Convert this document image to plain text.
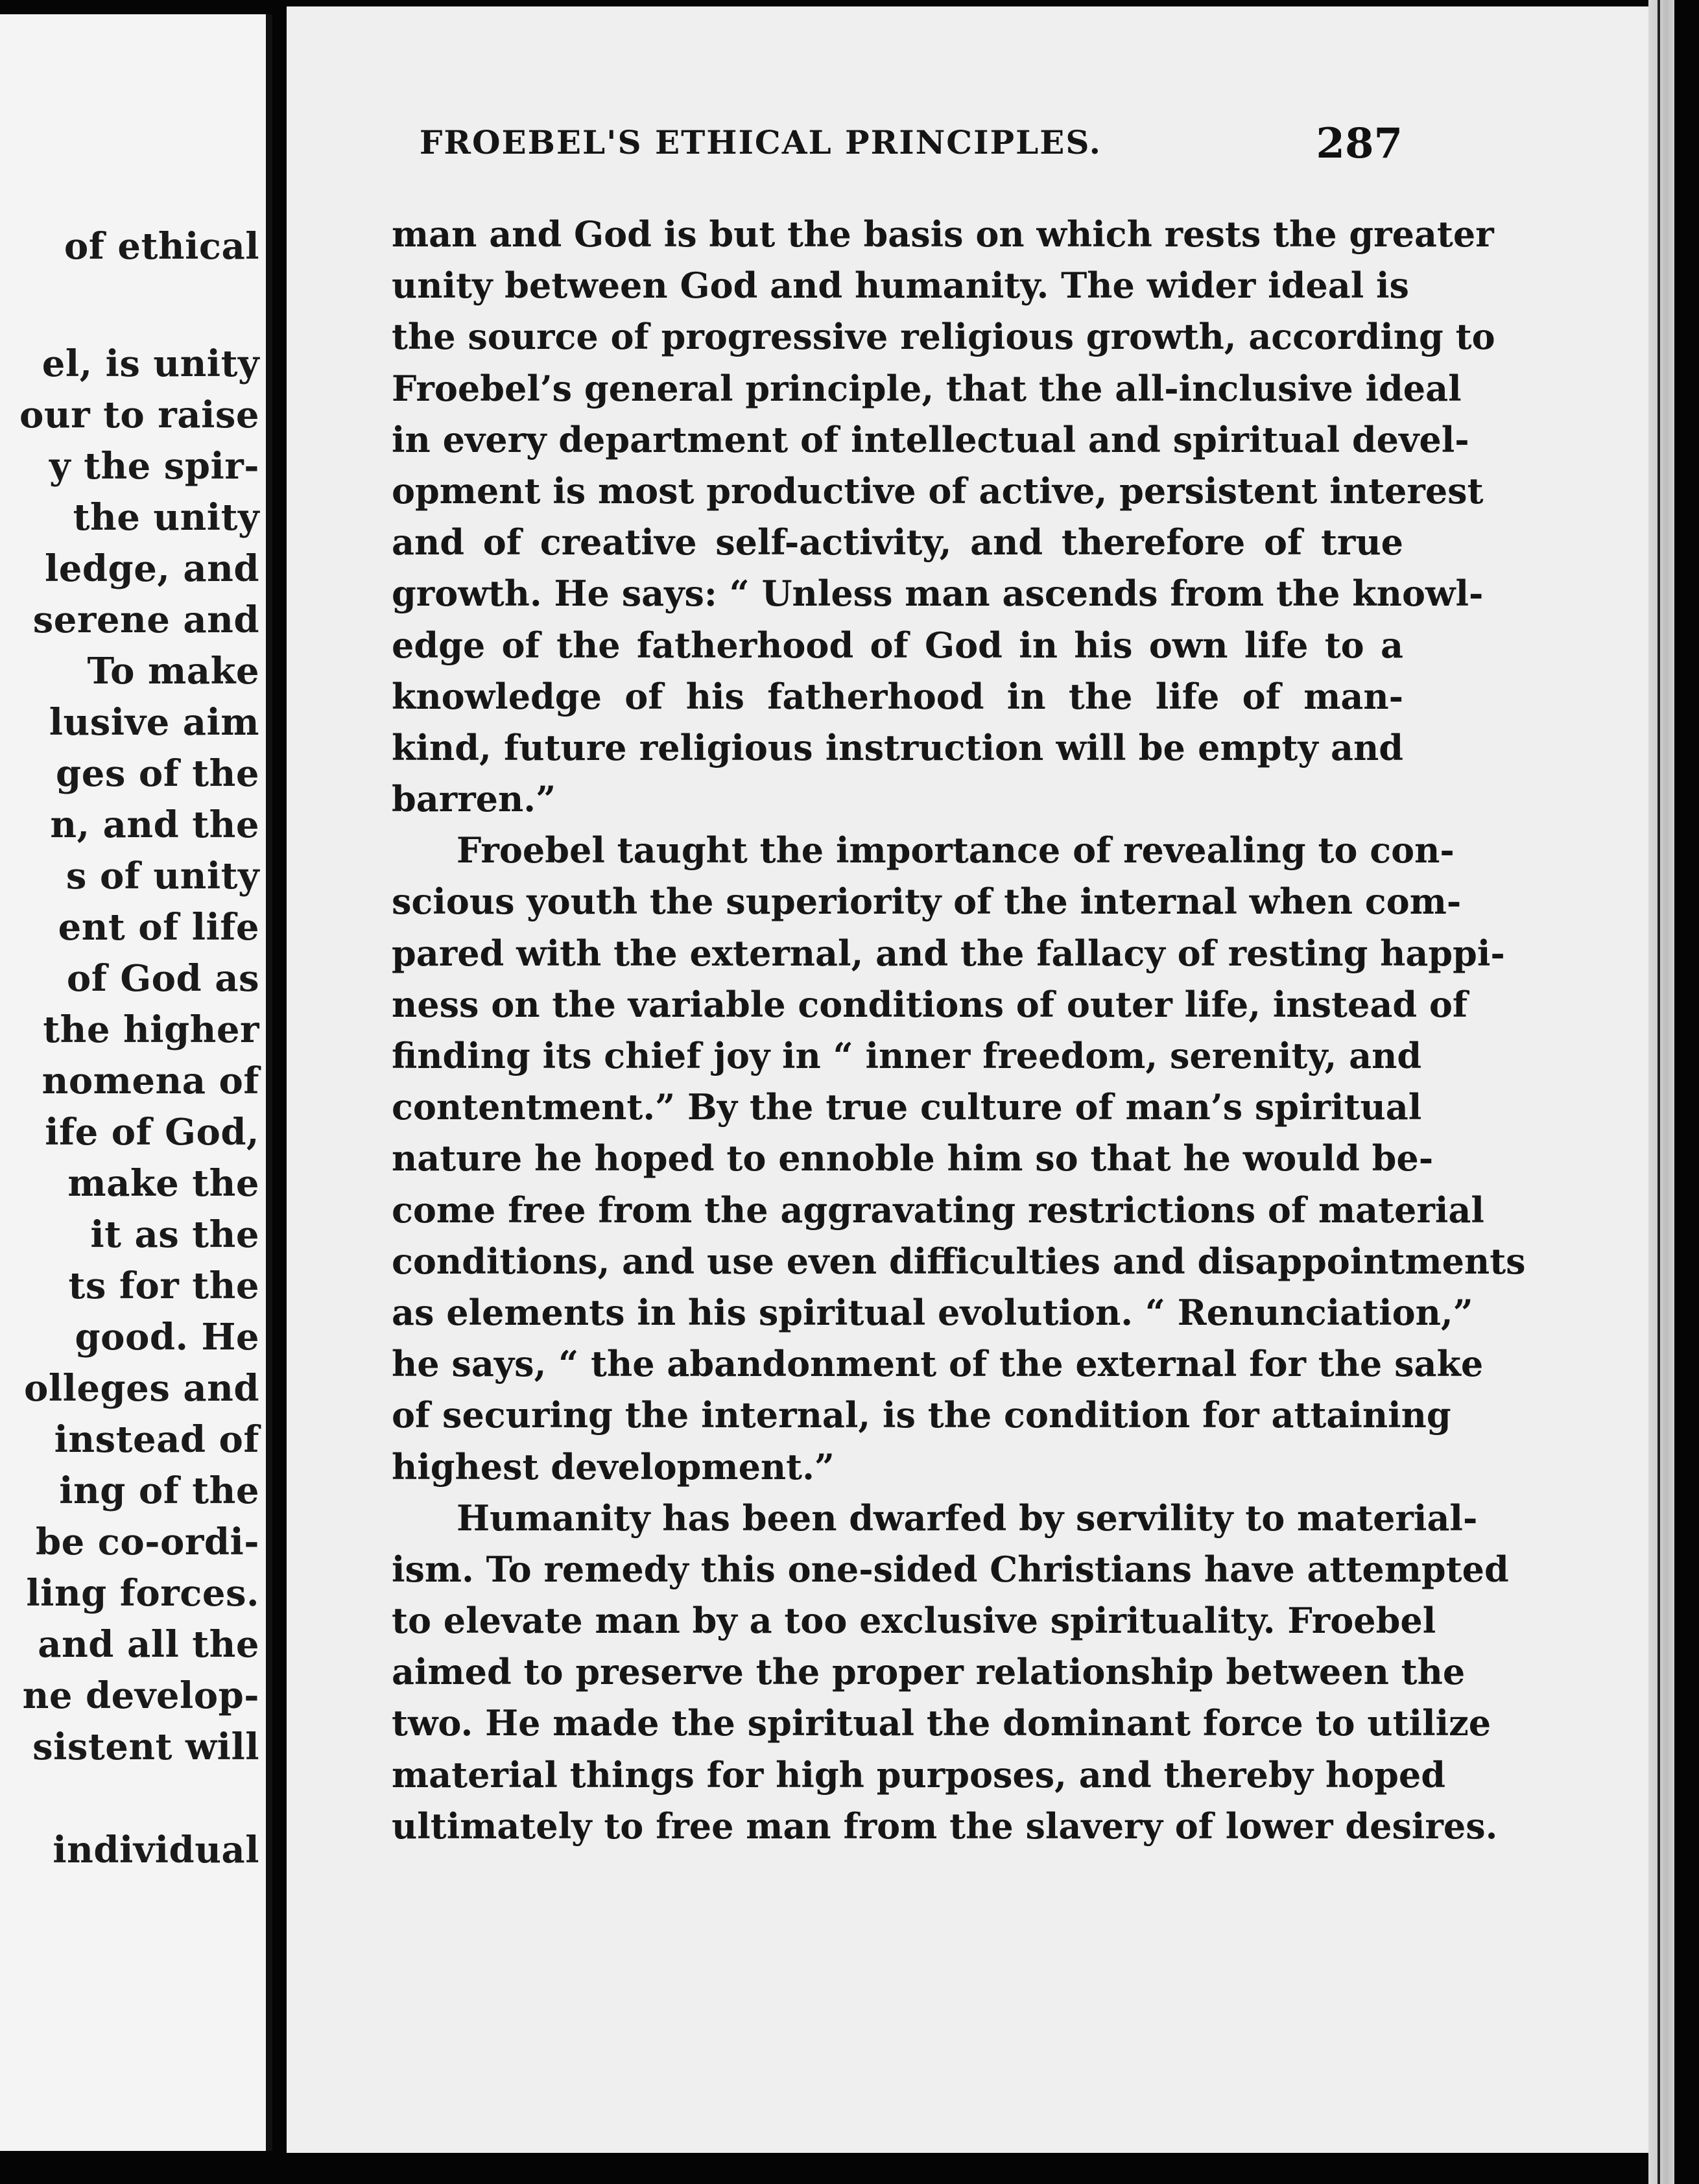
of ethical
el, is unity
our to raise
y the spir-
the unity
ledge, and
serene and
To make
lusive aim
ges of the
n, and the
s of unity
ent of life
of God as
the higher
nomena of
ife of God,
make the
it as the
ts for the
good. He
olleges and
instead of
ing of the
be co-ordi-
ling forces.
and all the
ne develop-
sistent will
individual
FROEBEL'S ETHICAL PRINCIPLES.	287
man and God is but the basis on which rests the greater
unity between God and humanity. The wider ideal is
the source of progressive religious growth, according to
Froebel’s general principle, that the all-inclusive ideal
in every department of intellectual and spiritual devel-
opment is most productive of active, persistent interest
and of creative self-activity, and therefore of true
growth. He says: “ Unless man ascends from the knowl-
edge of the fatherhood of God in his own life to a
knowledge of his fatherhood in the life of man-
kind, future religious instruction will be empty and
barren.”
Froebel taught the importance of revealing to con-
scious youth the superiority of the internal when com-
pared with the external, and the fallacy of resting happi-
ness on the variable conditions of outer life, instead of
finding its chief joy in “ inner freedom, serenity, and
contentment.” By the true culture of man’s spiritual
nature he hoped to ennoble him so that he would be-
come free from the aggravating restrictions of material
conditions, and use even difficulties and disappointments
as elements in his spiritual evolution. “ Renunciation,”
he says, “ the abandonment of the external for the sake
of securing the internal, is the condition for attaining
highest development.”
Humanity has been dwarfed by servility to material-
ism. To remedy this one-sided Christians have attempted
to elevate man by a too exclusive spirituality. Froebel
aimed to preserve the proper relationship between the
two. He made the spiritual the dominant force to utilize
material things for high purposes, and thereby hoped
ultimately to free man from the slavery of lower desires.
